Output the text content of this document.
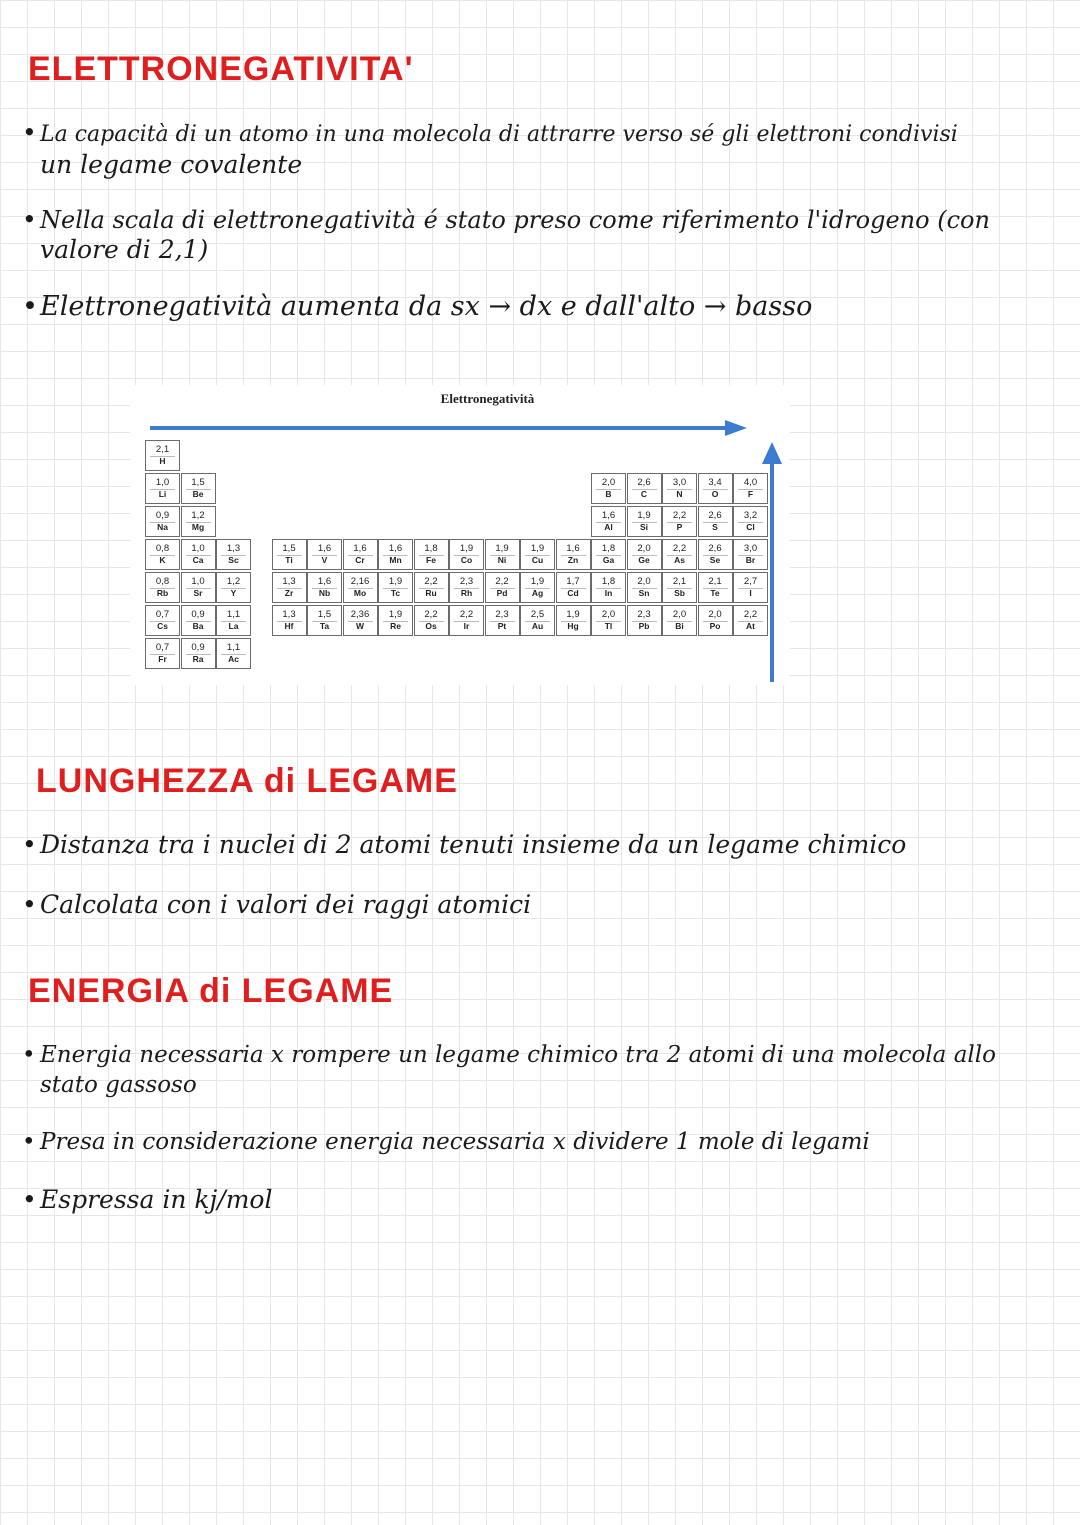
ELETTRONEGATIVITA'
• La capacità di un atomo in una molecola di attrarre verso sé gli elettroni condivisi
un legame covalente
• Nella scala di elettronegatività é stato preso come riferimento l'idrogeno (con
valore di 2,1)
•Elettronegatività aumenta da sx → dx e dall'alto → basso
Elettronegatività
2,1
H
1,0
Li
1,5
Be
2,0
B
2,6
C
3,0
N
3,4
O
4,0
F
0,9
Na
1,2
Mg
1,6
Al
1,9
Si
2,2
P
2,6
S
3,2
Cl
0,8
K
1,0
Ca
1,3
Sc
1,5
Ti
1,6
V
1,6
Cr
1,6
Mn
1,8
Fe
1,9
Co
1,9
Ni
1,9
Cu
1,6
Zn
1,8
Ga
2,0
Ge
2,2
As
2,6
Se
3,0
Br
0,8
Rb
1,0
Sr
1,2
Y
1,3
Zr
1,6
Nb
2,16
Mo
1,9
Tc
2,2
Ru
2,3
Rh
2,2
Pd
1,9
Ag
1,7
Cd
1,8
In
2,0
Sn
2,1
Sb
2,1
Te
2,7
I
0,7
Cs
0,9
Ba
1,1
La
1,3
Hf
1,5
Ta
2,36
W
1,9
Re
2,2
Os
2,2
Ir
2,3
Pt
2,5
Au
1,9
Hg
2,0
Tl
2,3
Pb
2,0
Bi
2,0
Po
2,2
At
0,7
Fr
0,9
Ra
1,1
Ac
LUNGHEZZA di LEGAME
• Distanza tra i nuclei di 2 atomi tenuti insieme da un legame chimico
• Calcolata con i valori dei raggi atomici
ENERGIA di LEGAME
• Energia necessaria x rompere un legame chimico tra 2 atomi di una molecola allo
stato gassoso
• Presa in considerazione energia necessaria x dividere 1 mole di legami
• Espressa in kj/mol
